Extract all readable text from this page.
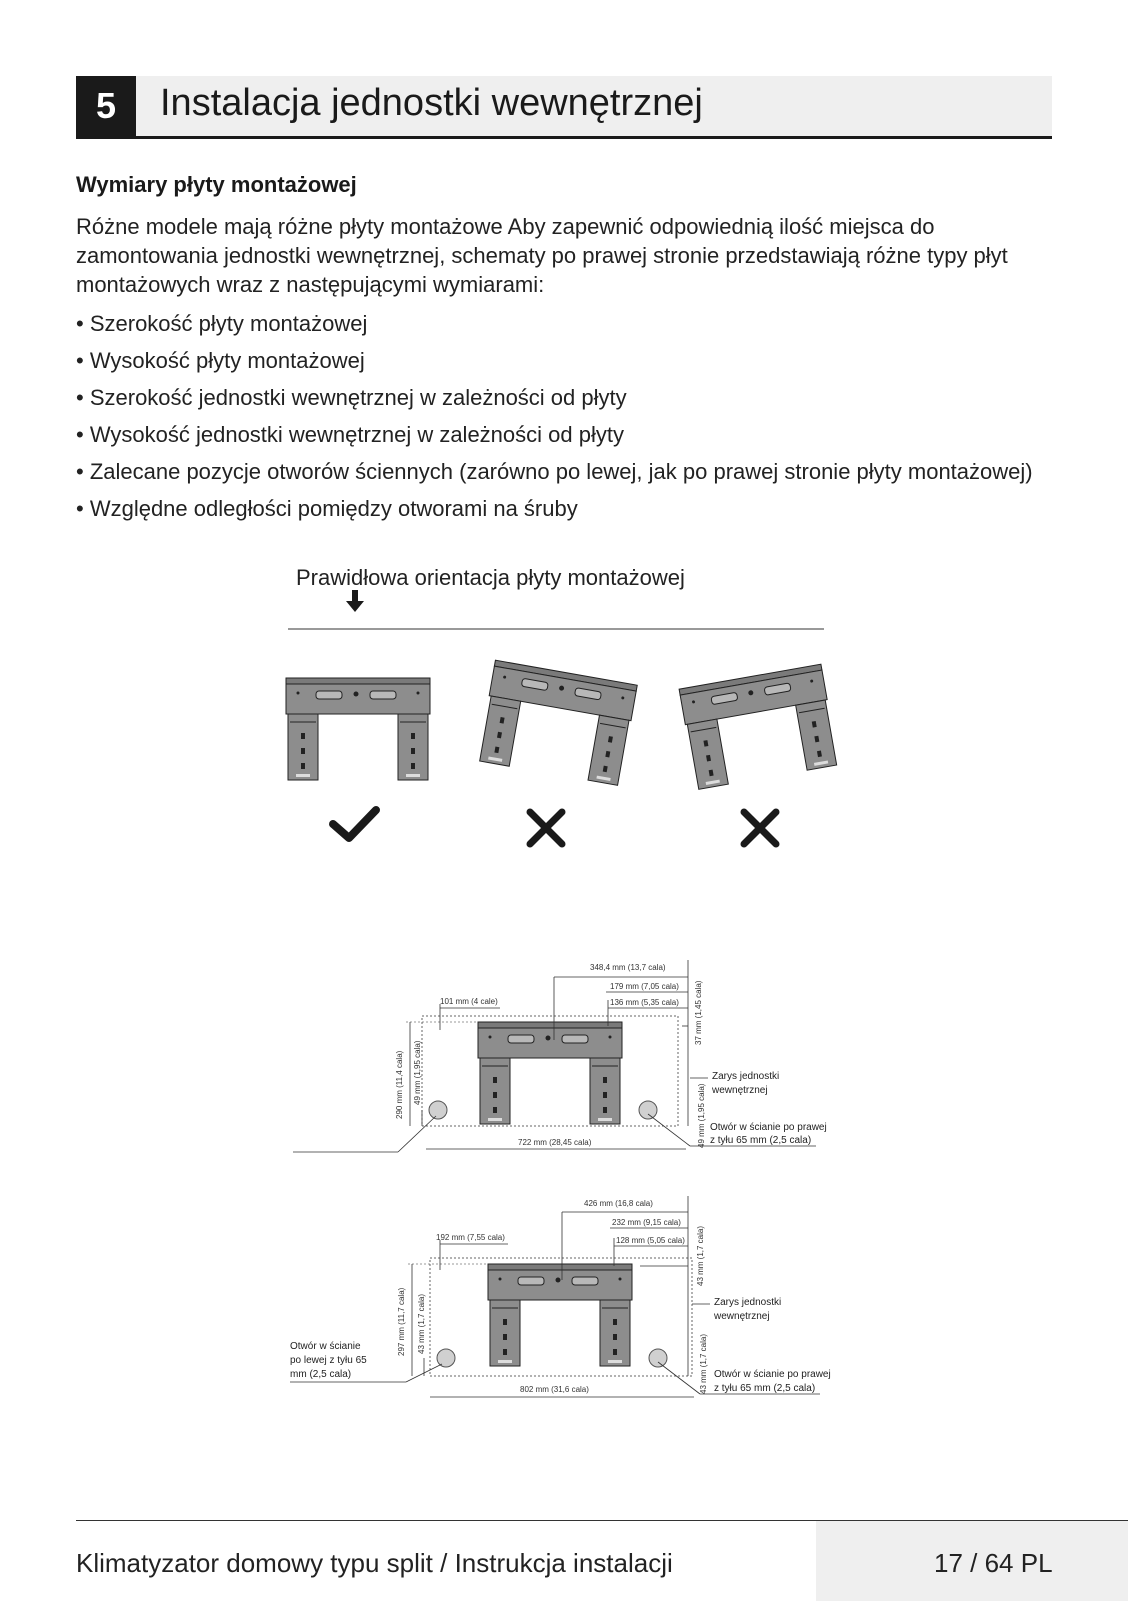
5	Instalacja jednostki wewnętrznej
Wymiary płyty montażowej
Różne modele mają różne płyty montażowe Aby zapewnić odpowiednią ilość miejsca do zamontowania jednostki wewnętrznej, schematy po prawej stronie przedstawiają różne typy płyt montażowych wraz z następującymi wymiarami:
• Szerokość płyty montażowej
• Wysokość płyty montażowej
• Szerokość jednostki wewnętrznej w zależności od płyty
• Wysokość jednostki wewnętrznej w zależności od płyty
• Zalecane pozycje otworów ściennych (zarówno po lewej, jak po prawej stronie płyty montażowej)
• Względne odległości pomiędzy otworami na śruby
Prawidłowa orientacja płyty montażowej
348,4 mm (13,7 cala)
179 mm (7,05 cala)
136 mm (5,35 cala)
101 mm (4 cale)	37 mm (1,45 cala)
290 mm (11,4 cala) 49 mm (1,95 cala)
49 mm (1,95 cala)
722 mm (28,45 cala)
Zarys jednostki
wewnętrznej
Otwór w ścianie po prawej
z tyłu 65 mm (2,5 cala)
426 mm (16,8 cala)
232 mm (9,15 cala)
128 mm (5,05 cala)
192 mm (7,55 cala)	43 mm (1,7 cala)
297 mm (11,7 cala) 43 mm (1,7 cala)
43 mm (1,7 cala)
802 mm (31,6 cala)
Zarys jednostki
wewnętrznej
Otwór w ścianie po prawej
z tyłu 65 mm (2,5 cala)
Otwór w ścianie
po lewej z tyłu 65
mm (2,5 cala)
Klimatyzator domowy typu split / Instrukcja instalacji	17 / 64 PL
